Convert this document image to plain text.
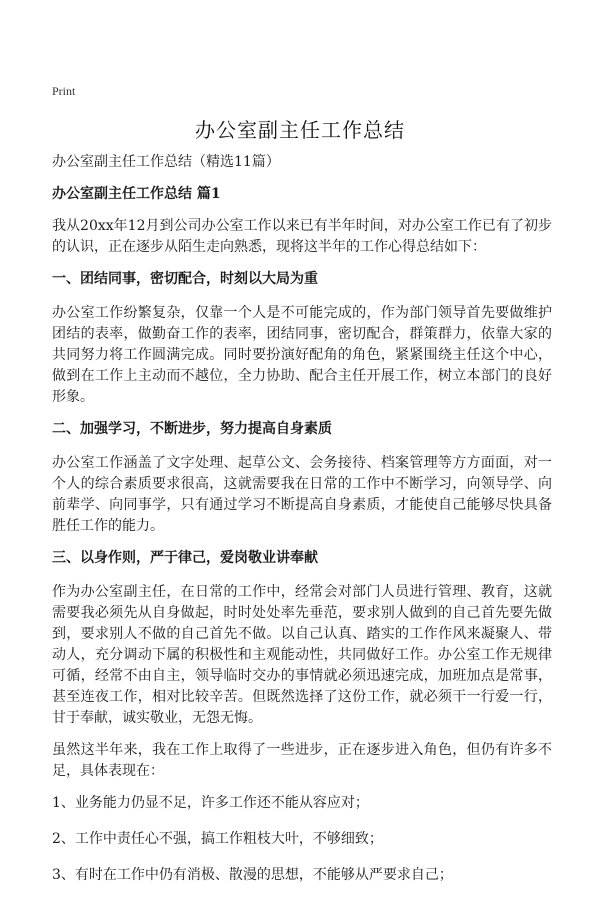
Print
办公室副主任工作总结

办公室副主任工作总结（精选11篇）

办公室副主任工作总结 篇1

我从20xx年12月到公司办公室工作以来已有半年时间，对办公室工作已有了初步的认识，正在逐步从陌生走向熟悉，现将这半年的工作心得总结如下：

一、团结同事，密切配合，时刻以大局为重

办公室工作纷繁复杂，仅靠一个人是不可能完成的，作为部门领导首先要做维护团结的表率，做勤奋工作的表率，团结同事，密切配合，群策群力，依靠大家的共同努力将工作圆满完成。同时要扮演好配角的角色，紧紧围绕主任这个中心，做到在工作上主动而不越位，全力协助、配合主任开展工作，树立本部门的良好形象。

二、加强学习，不断进步，努力提高自身素质

办公室工作涵盖了文字处理、起草公文、会务接待、档案管理等方方面面，对一个人的综合素质要求很高，这就需要我在日常的工作中不断学习，向领导学、向前辈学、向同事学，只有通过学习不断提高自身素质，才能使自己能够尽快具备胜任工作的能力。

三、以身作则，严于律己，爱岗敬业讲奉献

作为办公室副主任，在日常的工作中，经常会对部门人员进行管理、教育，这就需要我必须先从自身做起，时时处处率先垂范，要求别人做到的自己首先要先做到，要求别人不做的自己首先不做。以自己认真、踏实的工作作风来凝聚人、带动人，充分调动下属的积极性和主观能动性，共同做好工作。办公室工作无规律可循，经常不由自主，领导临时交办的事情就必须迅速完成，加班加点是常事，甚至连夜工作，相对比较辛苦。但既然选择了这份工作，就必须干一行爱一行，甘于奉献，诚实敬业，无怨无悔。

虽然这半年来，我在工作上取得了一些进步，正在逐步进入角色，但仍有许多不足，具体表现在：

1、业务能力仍显不足，许多工作还不能从容应对；

2、工作中责任心不强，搞工作粗枝大叶，不够细致；

3、有时在工作中仍有消极、散漫的思想，不能够从严要求自己；
